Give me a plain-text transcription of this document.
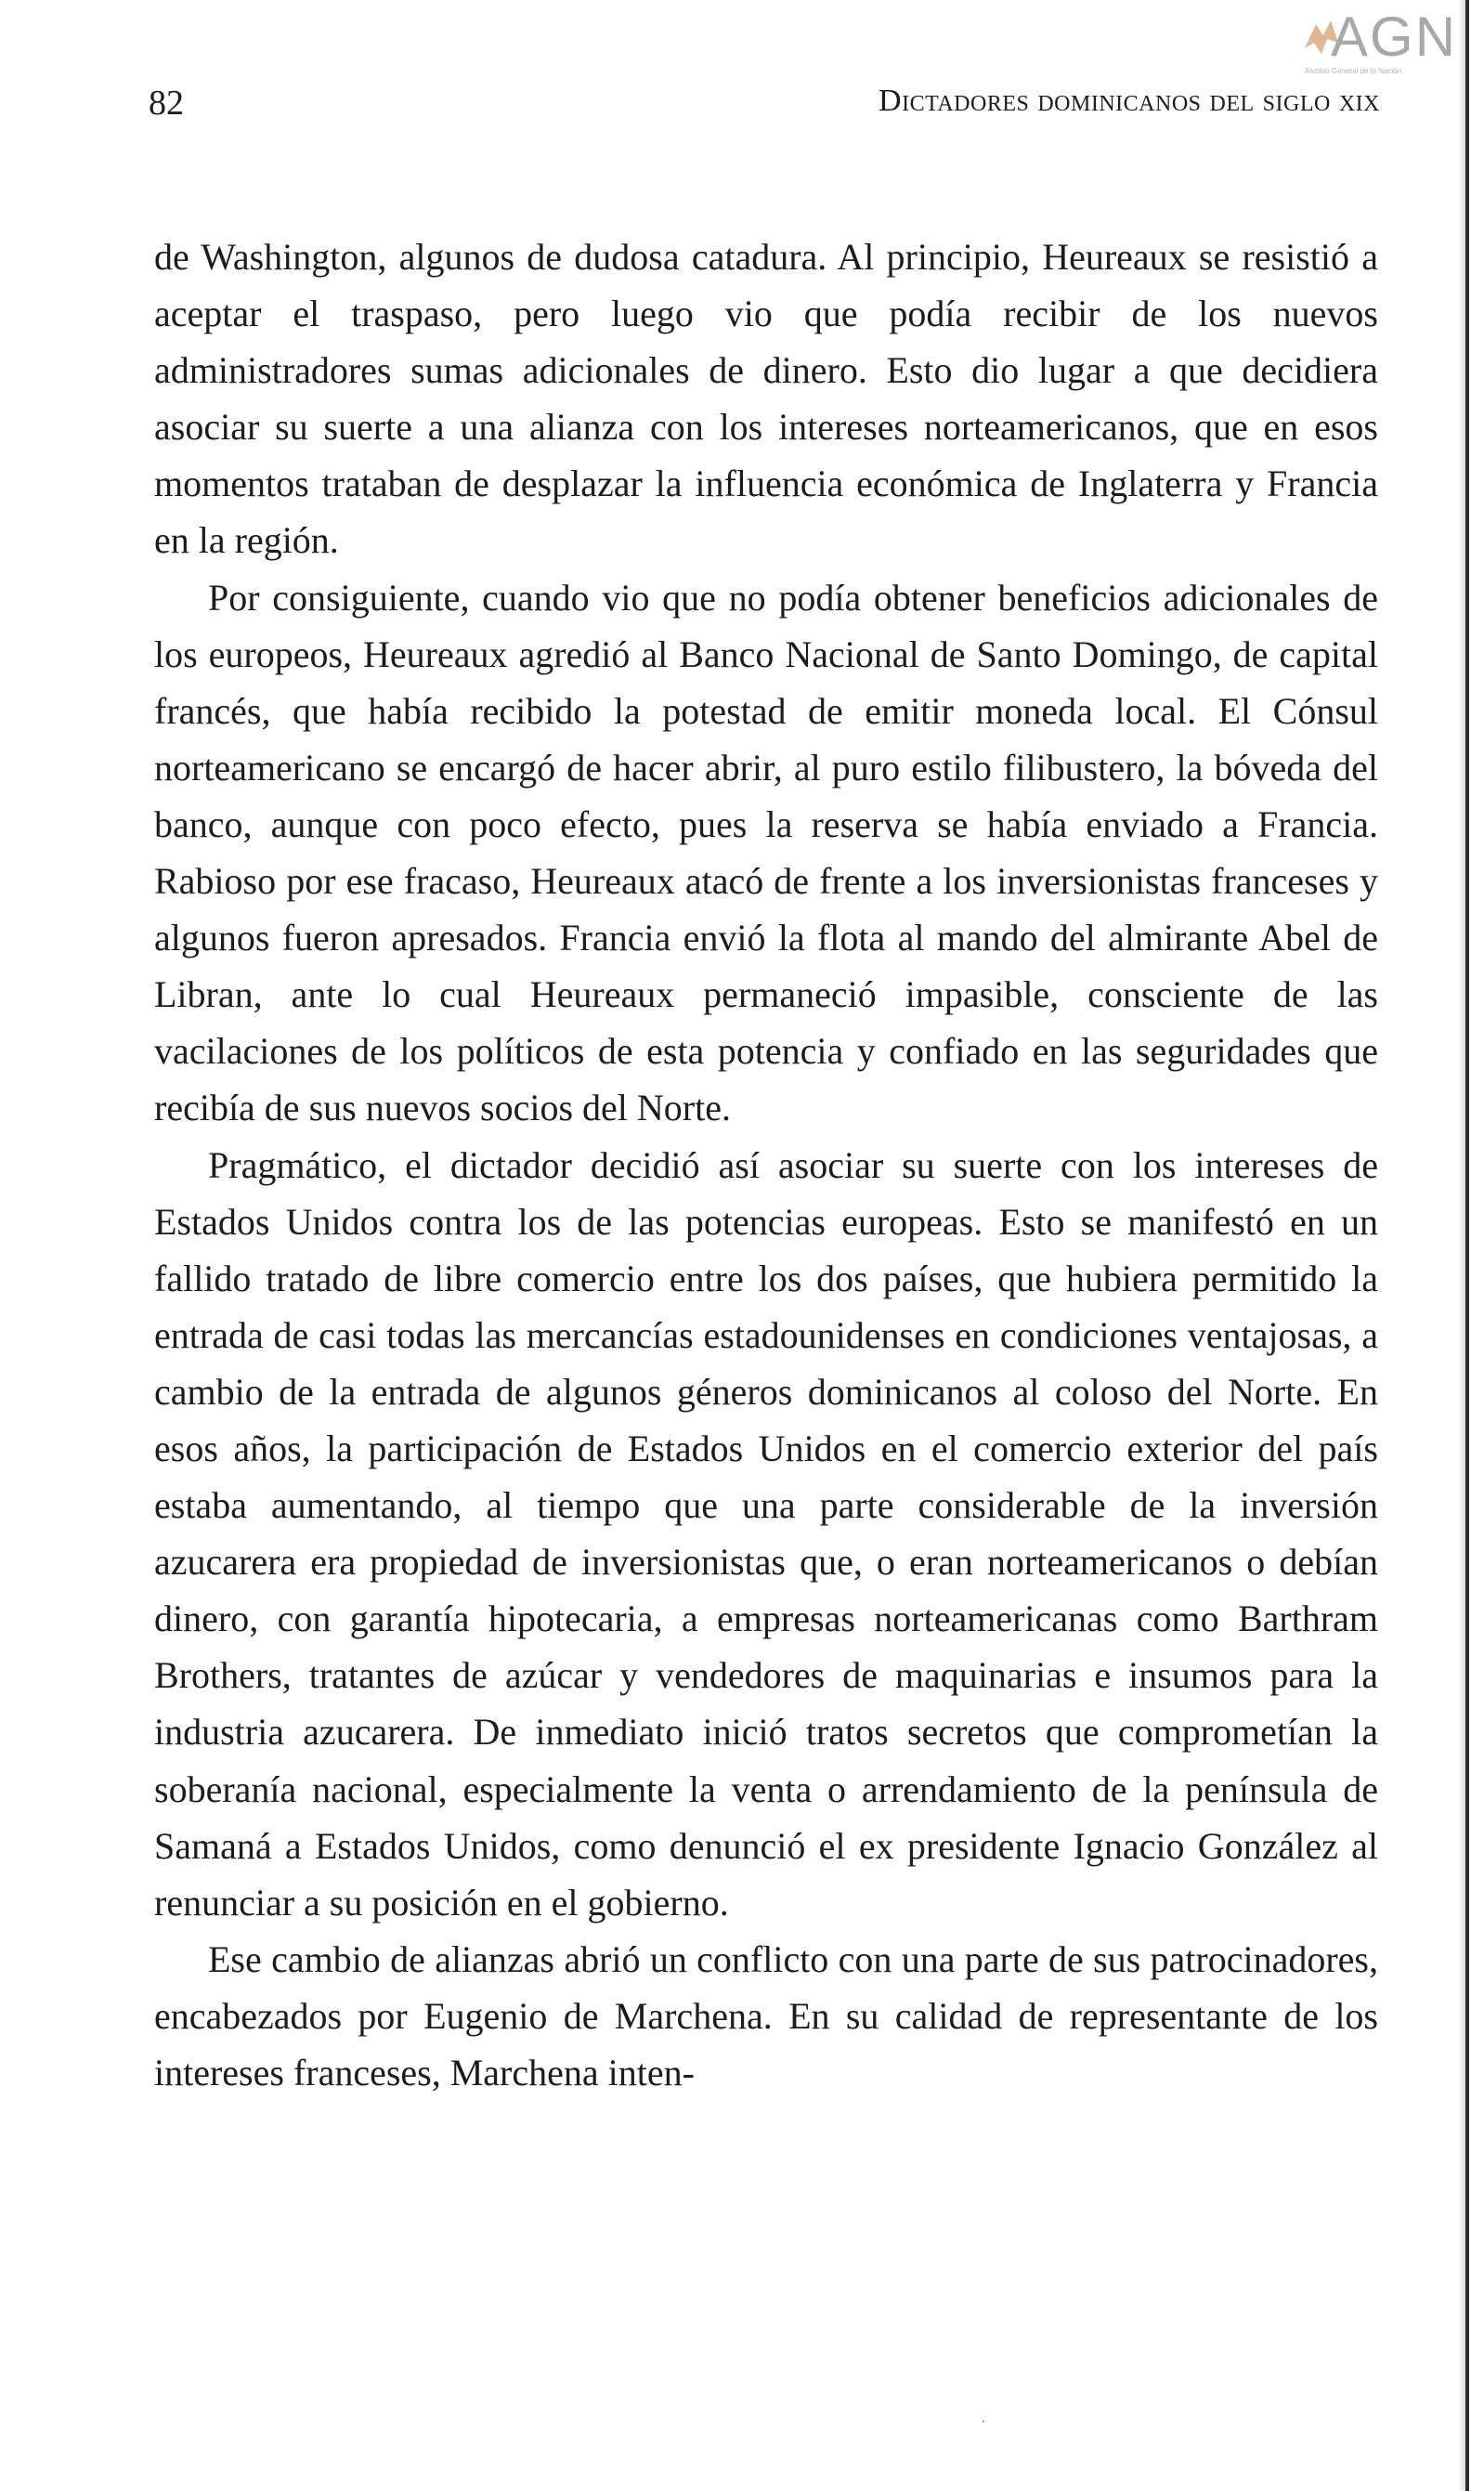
AGN
Archivo General de la Nación
82	Dictadores dominicanos del siglo xix

de Washington, algunos de dudosa catadura. Al principio, Heureaux se resistió a aceptar el traspaso, pero luego vio que podía recibir de los nuevos administradores sumas adicionales de dinero. Esto dio lugar a que decidiera asociar su suerte a una alianza con los intereses norteamericanos, que en esos momentos trataban de desplazar la influencia económica de Inglaterra y Francia en la región.

Por consiguiente, cuando vio que no podía obtener beneficios adicionales de los europeos, Heureaux agredió al Banco Nacional de Santo Domingo, de capital francés, que había recibido la potestad de emitir moneda local. El Cónsul norteamericano se encargó de hacer abrir, al puro estilo filibustero, la bóveda del banco, aunque con poco efecto, pues la reserva se había enviado a Francia. Rabioso por ese fracaso, Heureaux atacó de frente a los inversionistas franceses y algunos fueron apresados. Francia envió la flota al mando del almirante Abel de Libran, ante lo cual Heureaux permaneció impasible, consciente de las vacilaciones de los políticos de esta potencia y confiado en las seguridades que recibía de sus nuevos socios del Norte.

Pragmático, el dictador decidió así asociar su suerte con los intereses de Estados Unidos contra los de las potencias europeas. Esto se manifestó en un fallido tratado de libre comercio entre los dos países, que hubiera permitido la entrada de casi todas las mercancías estadounidenses en condiciones ventajosas, a cambio de la entrada de algunos géneros dominicanos al coloso del Norte. En esos años, la participación de Estados Unidos en el comercio exterior del país estaba aumentando, al tiempo que una parte considerable de la inversión azucarera era propiedad de inversionistas que, o eran norteamericanos o debían dinero, con garantía hipotecaria, a empresas norteamericanas como Barthram Brothers, tratantes de azúcar y vendedores de maquinarias e insumos para la industria azucarera. De inmediato inició tratos secretos que comprometían la soberanía nacional, especialmente la venta o arrendamiento de la península de Samaná a Estados Unidos, como denunció el ex presidente Ignacio González al renunciar a su posición en el gobierno.

Ese cambio de alianzas abrió un conflicto con una parte de sus patrocinadores, encabezados por Eugenio de Marchena. En su calidad de representante de los intereses franceses, Marchena inten-
